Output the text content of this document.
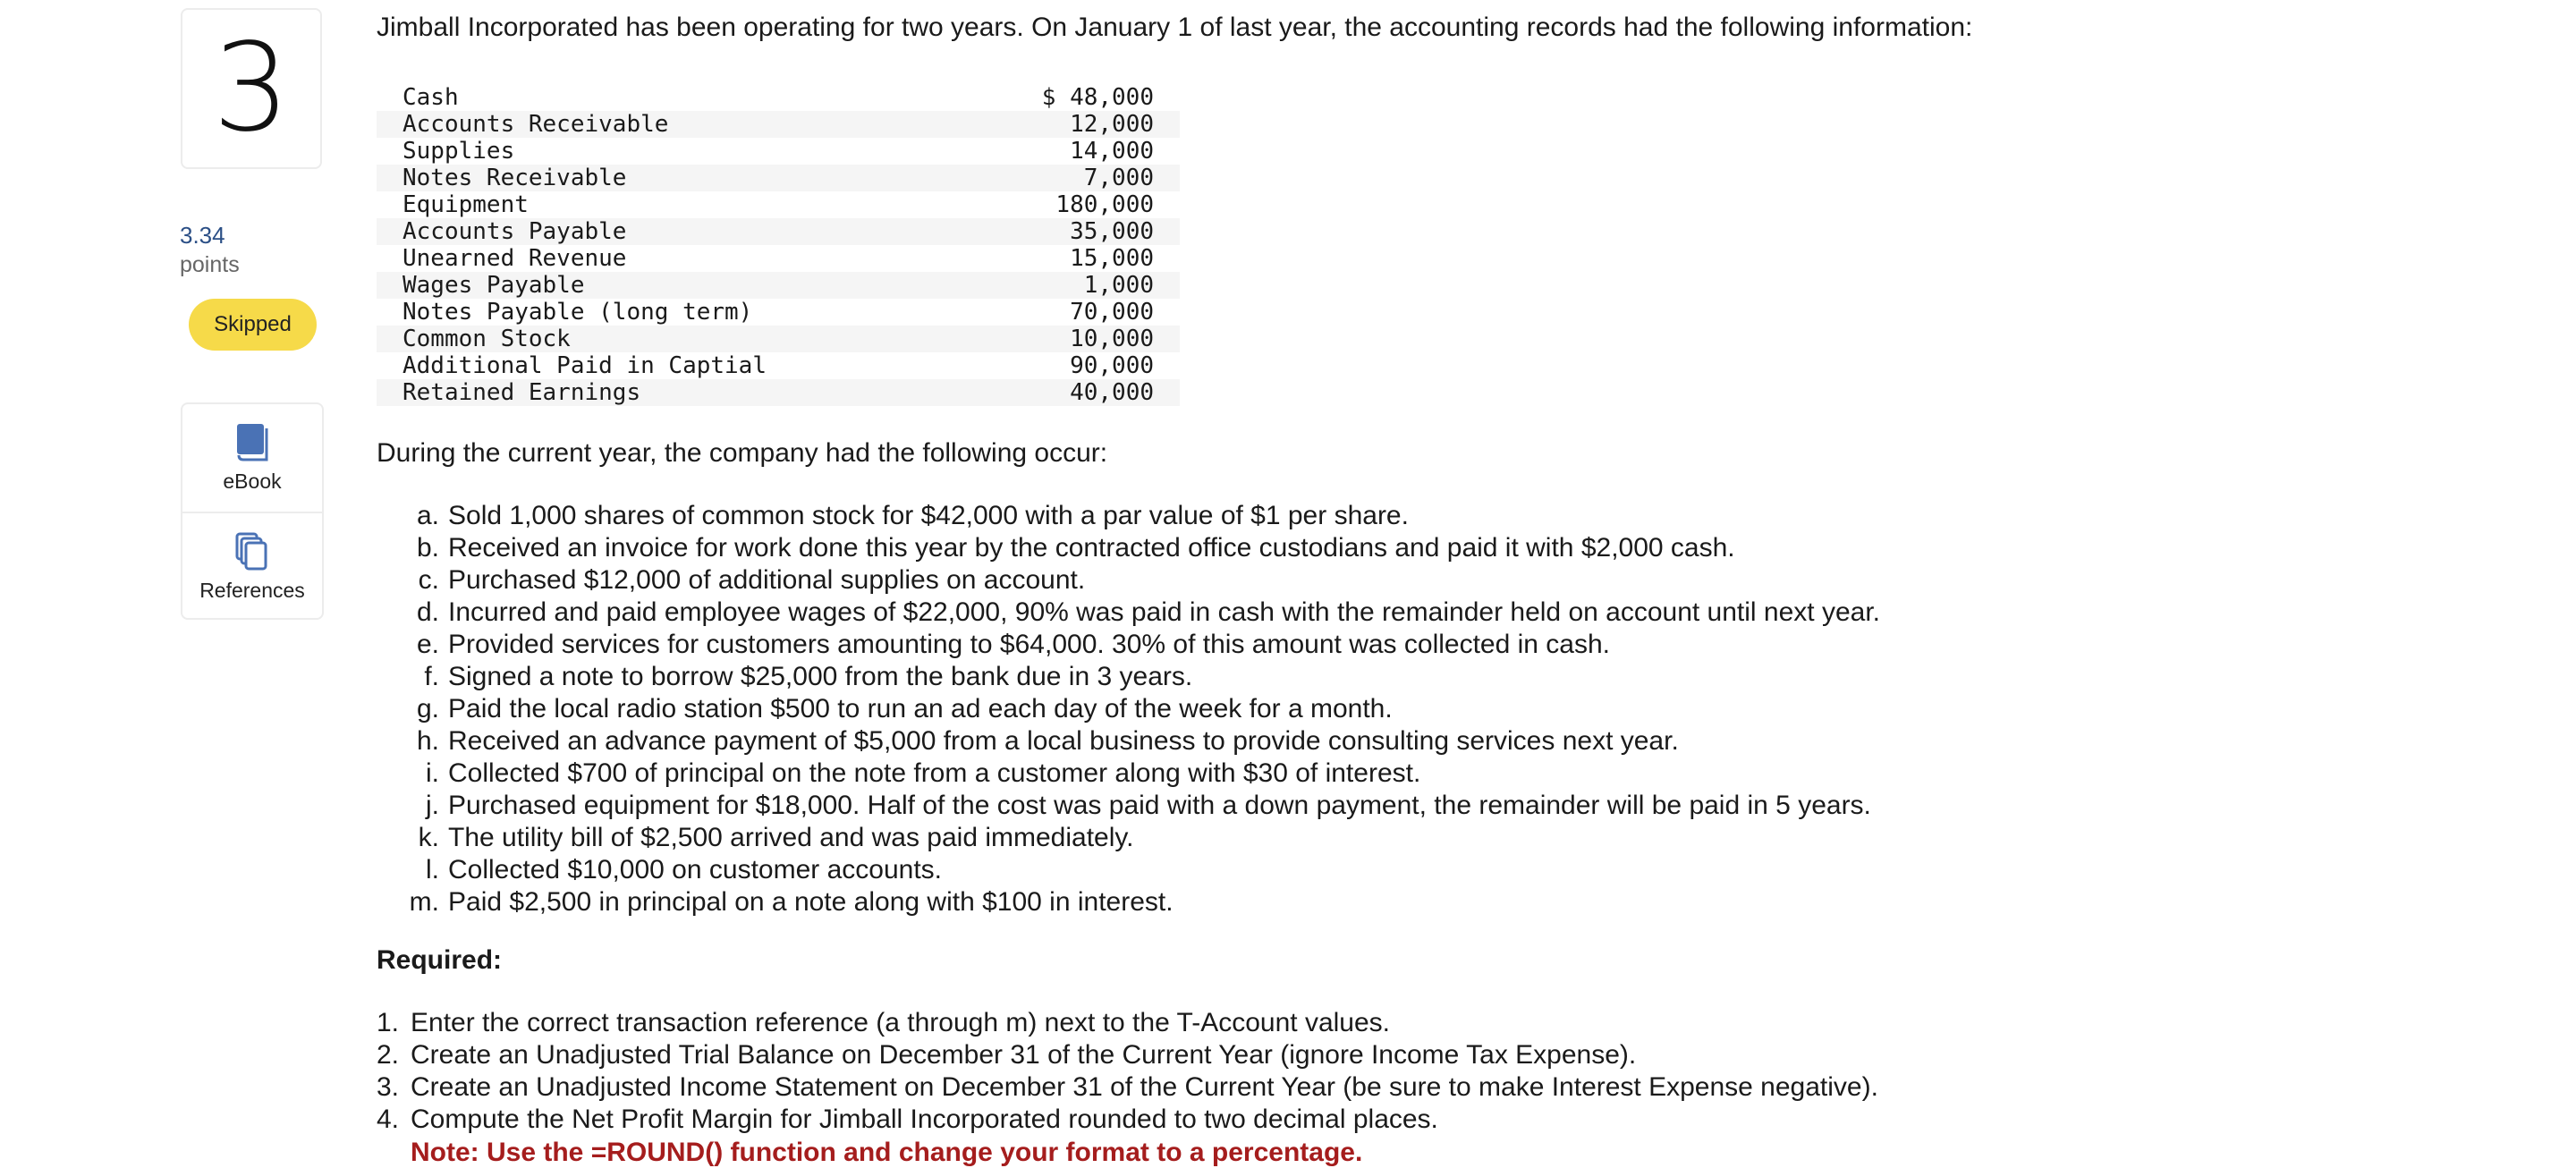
3
3.34
points
Skipped
eBook
References
Jimball Incorporated has been operating for two years. On January 1 of last year, the accounting records had the following information:
Cash	$ 48,000
Accounts Receivable	12,000
Supplies	14,000
Notes Receivable	7,000
Equipment	180,000
Accounts Payable	35,000
Unearned Revenue	15,000
Wages Payable	1,000
Notes Payable (long term)	70,000
Common Stock	10,000
Additional Paid in Captial	90,000
Retained Earnings	40,000
During the current year, the company had the following occur:
a. Sold 1,000 shares of common stock for $42,000 with a par value of $1 per share.
b. Received an invoice for work done this year by the contracted office custodians and paid it with $2,000 cash.
c. Purchased $12,000 of additional supplies on account.
d. Incurred and paid employee wages of $22,000, 90% was paid in cash with the remainder held on account until next year.
e. Provided services for customers amounting to $64,000. 30% of this amount was collected in cash.
f. Signed a note to borrow $25,000 from the bank due in 3 years.
g. Paid the local radio station $500 to run an ad each day of the week for a month.
h. Received an advance payment of $5,000 from a local business to provide consulting services next year.
i. Collected $700 of principal on the note from a customer along with $30 of interest.
j. Purchased equipment for $18,000. Half of the cost was paid with a down payment, the remainder will be paid in 5 years.
k. The utility bill of $2,500 arrived and was paid immediately.
l. Collected $10,000 on customer accounts.
m. Paid $2,500 in principal on a note along with $100 in interest.
Required:
1. Enter the correct transaction reference (a through m) next to the T-Account values.
2. Create an Unadjusted Trial Balance on December 31 of the Current Year (ignore Income Tax Expense).
3. Create an Unadjusted Income Statement on December 31 of the Current Year (be sure to make Interest Expense negative).
4. Compute the Net Profit Margin for Jimball Incorporated rounded to two decimal places.
Note: Use the =ROUND() function and change your format to a percentage.
